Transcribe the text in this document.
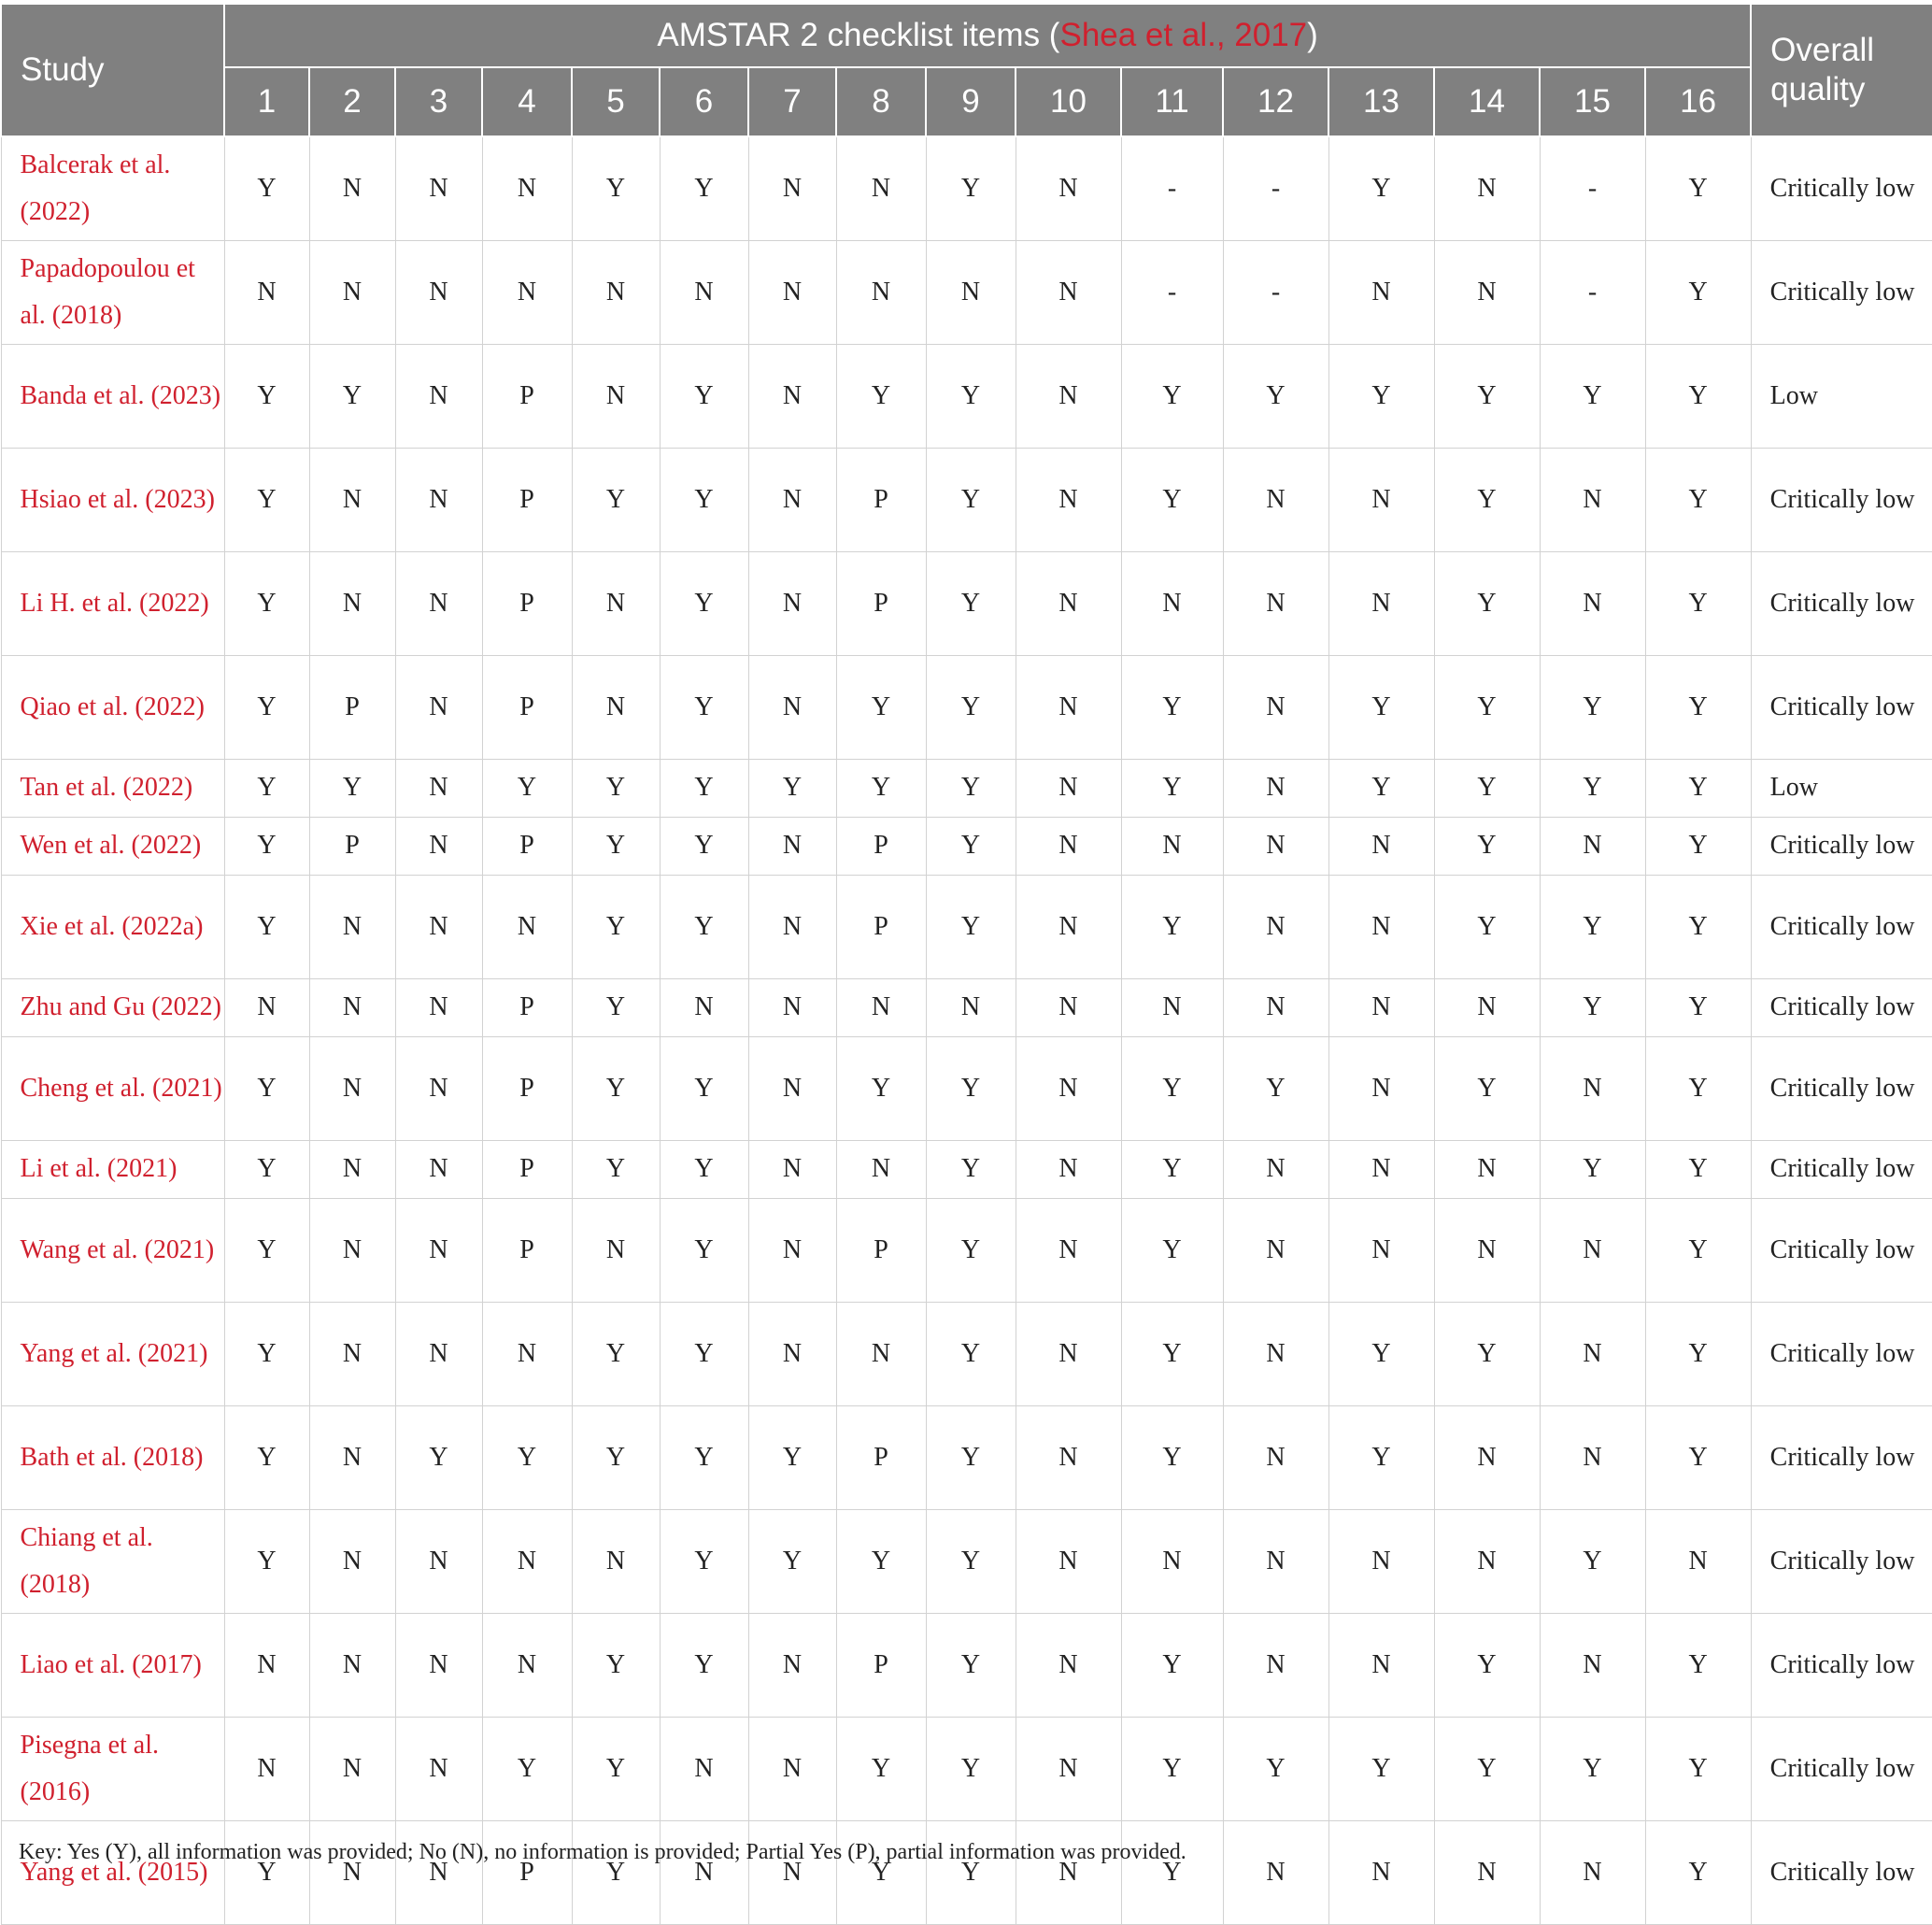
Study	AMSTAR 2 checklist items (Shea et al., 2017)																Overall quality
	1	2	3	4	5	6	7	8	9	10	11	12	13	14	15	16	
Balcerak et al. (2022)	Y	N	N	N	Y	Y	N	N	Y	N	-	-	Y	N	-	Y	Critically low
Papadopoulou et al. (2018)	N	N	N	N	N	N	N	N	N	N	-	-	N	N	-	Y	Critically low
Banda et al. (2023)	Y	Y	N	P	N	Y	N	Y	Y	N	Y	Y	Y	Y	Y	Y	Low
Hsiao et al. (2023)	Y	N	N	P	Y	Y	N	P	Y	N	Y	N	N	Y	N	Y	Critically low
Li H. et al. (2022)	Y	N	N	P	N	Y	N	P	Y	N	N	N	N	Y	N	Y	Critically low
Qiao et al. (2022)	Y	P	N	P	N	Y	N	Y	Y	N	Y	N	Y	Y	Y	Y	Critically low
Tan et al. (2022)	Y	Y	N	Y	Y	Y	Y	Y	Y	N	Y	N	Y	Y	Y	Y	Low
Wen et al. (2022)	Y	P	N	P	Y	Y	N	P	Y	N	N	N	N	Y	N	Y	Critically low
Xie et al. (2022a)	Y	N	N	N	Y	Y	N	P	Y	N	Y	N	N	Y	Y	Y	Critically low
Zhu and Gu (2022)	N	N	N	P	Y	N	N	N	N	N	N	N	N	N	Y	Y	Critically low
Cheng et al. (2021)	Y	N	N	P	Y	Y	N	Y	Y	N	Y	Y	N	Y	N	Y	Critically low
Li et al. (2021)	Y	N	N	P	Y	Y	N	N	Y	N	Y	N	N	N	Y	Y	Critically low
Wang et al. (2021)	Y	N	N	P	N	Y	N	P	Y	N	Y	N	N	N	N	Y	Critically low
Yang et al. (2021)	Y	N	N	N	Y	Y	N	N	Y	N	Y	N	Y	Y	N	Y	Critically low
Bath et al. (2018)	Y	N	Y	Y	Y	Y	Y	P	Y	N	Y	N	Y	N	N	Y	Critically low
Chiang et al. (2018)	Y	N	N	N	N	Y	Y	Y	Y	N	N	N	N	N	Y	N	Critically low
Liao et al. (2017)	N	N	N	N	Y	Y	N	P	Y	N	Y	N	N	Y	N	Y	Critically low
Pisegna et al. (2016)	N	N	N	Y	Y	N	N	Y	Y	N	Y	Y	Y	Y	Y	Y	Critically low
Yang et al. (2015)	Y	N	N	P	Y	N	N	Y	Y	N	Y	N	N	N	N	Y	Critically low
Key: Yes (Y), all information was provided; No (N), no information is provided; Partial Yes (P), partial information was provided.
